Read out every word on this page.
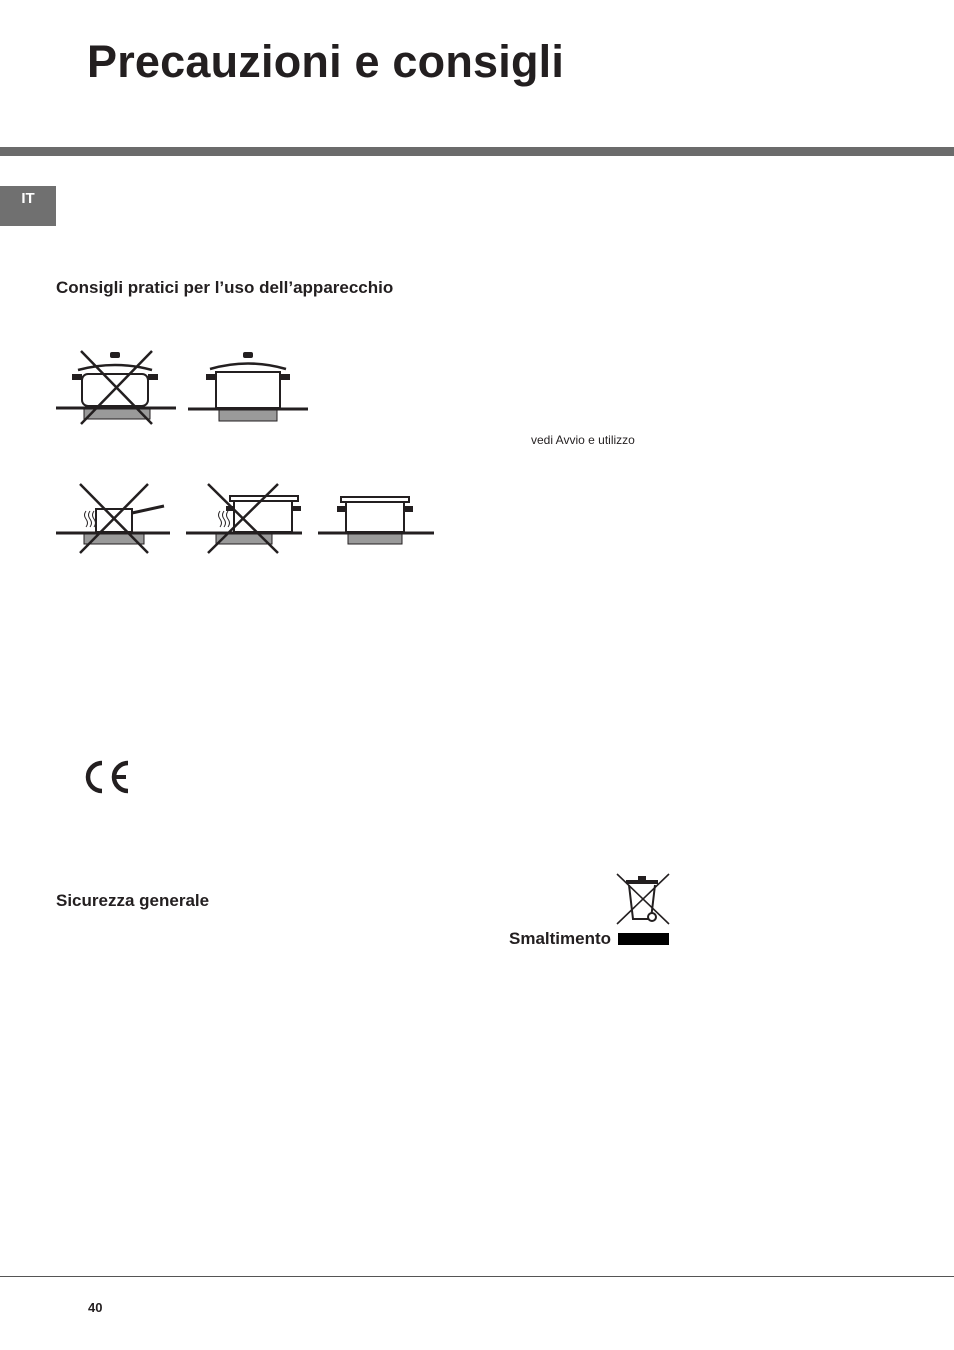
Precauzioni e consigli
IT
Consigli pratici per l’uso dell’apparecchio
vedi Avvio e utilizzo
Sicurezza generale
Smaltimento
40
